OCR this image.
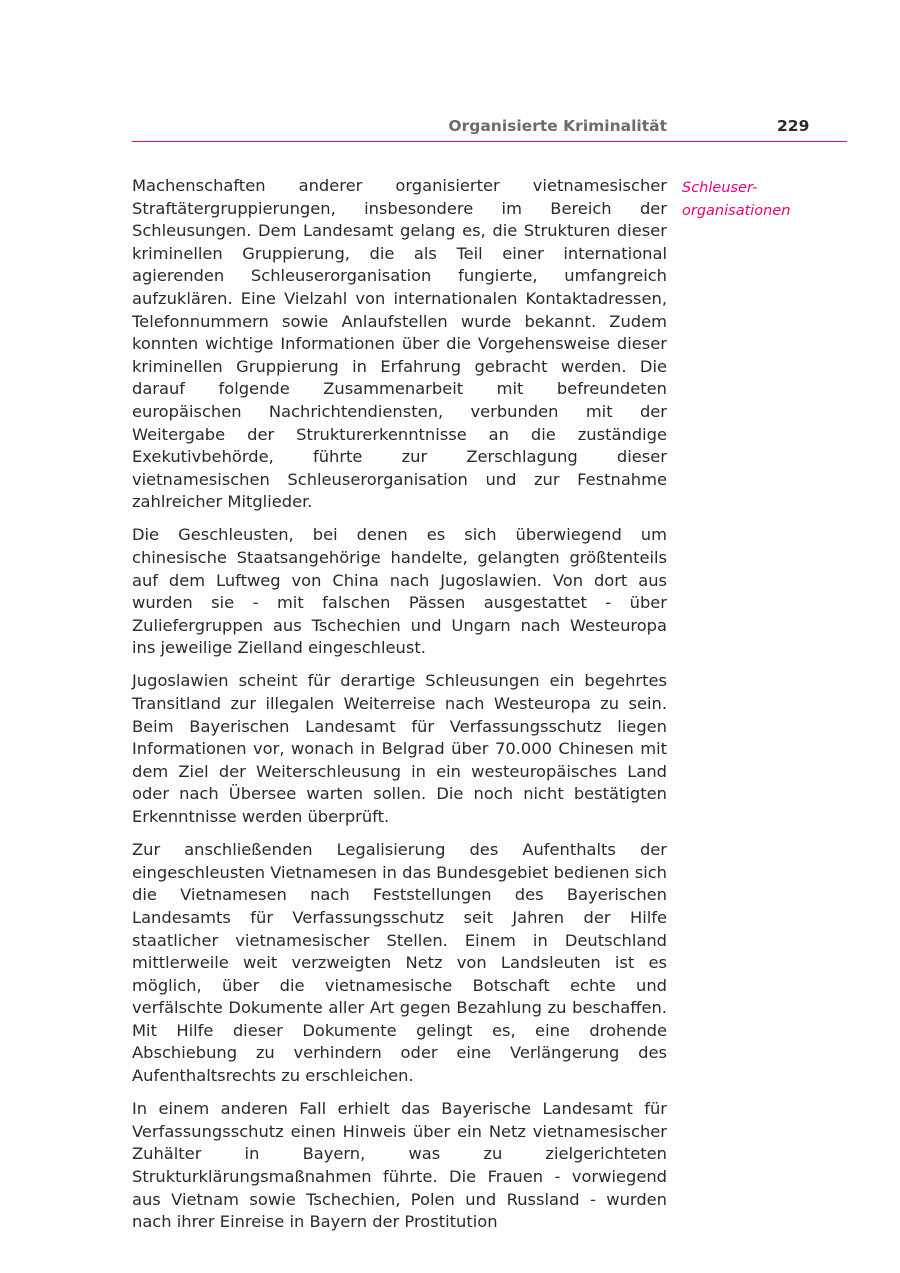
Organisierte Kriminalität	229
Schleuser-
organisationen

Machenschaften anderer organisierter vietnamesischer Straftätergruppierungen, insbesondere im Bereich der Schleusungen. Dem Landesamt gelang es, die Strukturen dieser kriminellen Gruppierung, die als Teil einer international agierenden Schleuserorganisation fungierte, umfangreich aufzuklären. Eine Vielzahl von internationalen Kontaktadressen, Telefonnummern sowie Anlaufstellen wurde bekannt. Zudem konnten wichtige Informationen über die Vorgehensweise dieser kriminellen Gruppierung in Erfahrung gebracht werden. Die darauf folgende Zusammenarbeit mit befreundeten europäischen Nachrichtendiensten, verbunden mit der Weitergabe der Strukturerkenntnisse an die zuständige Exekutivbehörde, führte zur Zerschlagung dieser vietnamesischen Schleuserorganisation und zur Festnahme zahlreicher Mitglieder.

Die Geschleusten, bei denen es sich überwiegend um chinesische Staatsangehörige handelte, gelangten größtenteils auf dem Luftweg von China nach Jugoslawien. Von dort aus wurden sie - mit falschen Pässen ausgestattet - über Zuliefergruppen aus Tschechien und Ungarn nach Westeuropa ins jeweilige Zielland eingeschleust.

Jugoslawien scheint für derartige Schleusungen ein begehrtes Transitland zur illegalen Weiterreise nach Westeuropa zu sein. Beim Bayerischen Landesamt für Verfassungsschutz liegen Informationen vor, wonach in Belgrad über 70.000 Chinesen mit dem Ziel der Weiterschleusung in ein westeuropäisches Land oder nach Übersee warten sollen. Die noch nicht bestätigten Erkenntnisse werden überprüft.

Zur anschließenden Legalisierung des Aufenthalts der eingeschleusten Vietnamesen in das Bundesgebiet bedienen sich die Vietnamesen nach Feststellungen des Bayerischen Landesamts für Verfassungsschutz seit Jahren der Hilfe staatlicher vietnamesischer Stellen. Einem in Deutschland mittlerweile weit verzweigten Netz von Landsleuten ist es möglich, über die vietnamesische Botschaft echte und verfälschte Dokumente aller Art gegen Bezahlung zu beschaffen. Mit Hilfe dieser Dokumente gelingt es, eine drohende Abschiebung zu verhindern oder eine Verlängerung des Aufenthaltsrechts zu erschleichen.

In einem anderen Fall erhielt das Bayerische Landesamt für Verfassungsschutz einen Hinweis über ein Netz vietnamesischer Zuhälter in Bayern, was zu zielgerichteten Strukturklärungsmaßnahmen führte. Die Frauen - vorwiegend aus Vietnam sowie Tschechien, Polen und Russland - wurden nach ihrer Einreise in Bayern der Prostitution
